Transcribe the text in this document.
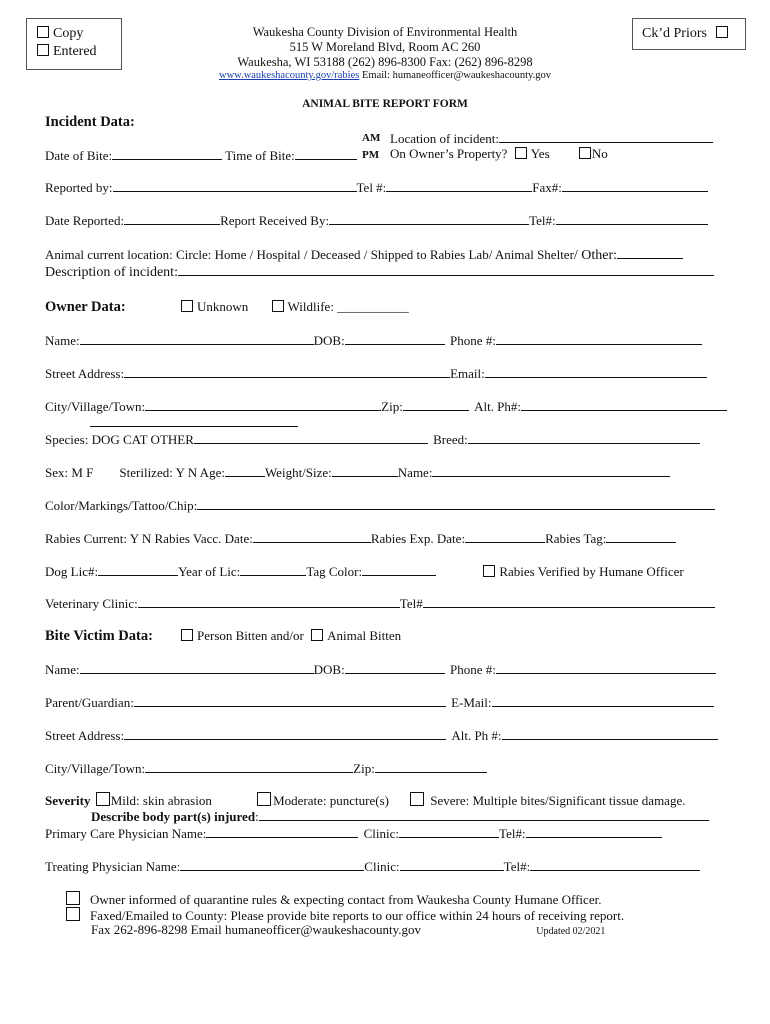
Copy
Entered
Waukesha County Division of Environmental Health
515 W Moreland Blvd, Room AC 260
Waukesha, WI 53188 (262) 896-8300 Fax: (262) 896-8298
www.waukeshacounty.gov/rabies Email: humaneofficer@waukeshacounty.gov
Ck’d Priors
ANIMAL BITE REPORT FORM
Incident Data:
AM Location of incident:
Date of Bite:	Time of Bite:	PM On Owner’s Property? Yes	No
Reported by:	Tel #:	Fax#:
Date Reported:	Report Received By:	Tel#:
Animal current location: Circle: Home / Hospital / Deceased / Shipped to Rabies Lab/ Animal Shelter/ Other:
Description of incident:
Owner Data:	Unknown	Wildlife: ___________
Name:	DOB:	Phone #:
Street Address:	Email:
City/Village/Town:	Zip:	Alt. Ph#:
Species: DOG CAT OTHER	Breed:
Sex: M F Sterilized: Y N Age:	Weight/Size:	Name:
Color/Markings/Tattoo/Chip:
Rabies Current: Y N Rabies Vacc. Date:	Rabies Exp. Date:	Rabies Tag:
Dog Lic#:	Year of Lic:	Tag Color:	Rabies Verified by Humane Officer
Veterinary Clinic:	Tel#
Bite Victim Data:	Person Bitten and/or Animal Bitten
Name:	DOB:	Phone #:
Parent/Guardian:	E-Mail:
Street Address:	Alt. Ph #:
City/Village/Town:	Zip:
Severity Mild: skin abrasion	Moderate: puncture(s)	Severe: Multiple bites/Significant tissue damage.
Describe body part(s) injured:
Primary Care Physician Name:	Clinic:	Tel#:
Treating Physician Name:	Clinic:	Tel#:
Owner informed of quarantine rules & expecting contact from Waukesha County Humane Officer.
Faxed/Emailed to County: Please provide bite reports to our office within 24 hours of receiving report.
Fax 262-896-8298 Email humaneofficer@waukeshacounty.gov	Updated 02/2021
